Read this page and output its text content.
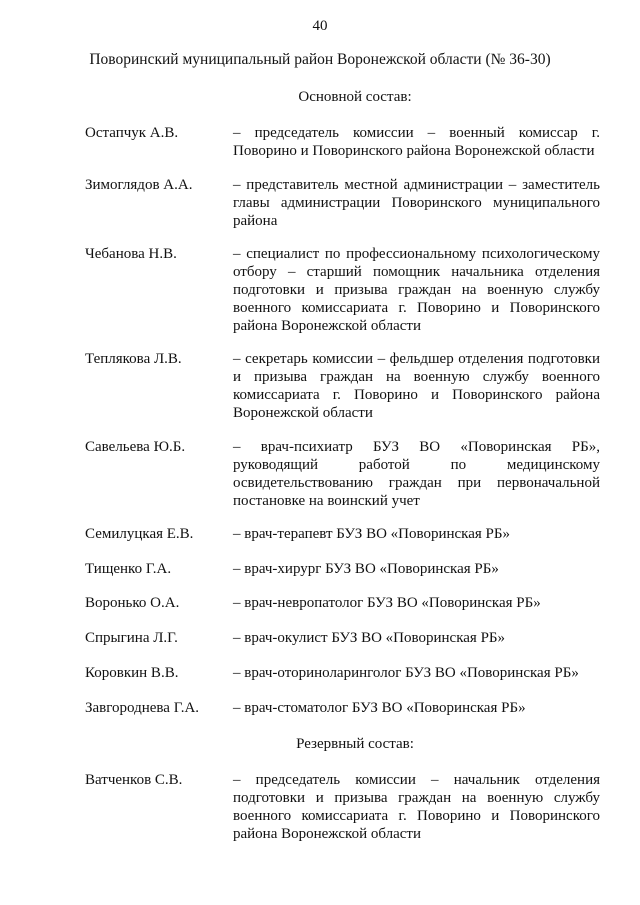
40
Поворинский муниципальный район Воронежской области (№ 36-30)
Основной состав:
Остапчук А.В.	– председатель комиссии – военный комиссар г. Поворино и Поворинского района Воронежской области
Зимоглядов А.А.	– представитель местной администрации – заместитель главы администрации Поворинского муниципального района
Чебанова Н.В.	– специалист по профессиональному психологическому отбору – старший помощник начальника отделения подготовки и призыва граждан на военную службу военного комиссариата г. Поворино и Поворинского района Воронежской области
Теплякова Л.В.	– секретарь комиссии – фельдшер отделения подготовки и призыва граждан на военную службу военного комиссариата г. Поворино и Поворинского района Воронежской области
Савельева Ю.Б.	– врач-психиатр БУЗ ВО «Поворинская РБ», руководящий работой по медицинскому освидетельствованию граждан при первоначальной постановке на воинский учет
Семилуцкая Е.В.	– врач-терапевт БУЗ ВО «Поворинская РБ»
Тищенко Г.А.	– врач-хирург БУЗ ВО «Поворинская РБ»
Воронько О.А.	– врач-невропатолог БУЗ ВО «Поворинская РБ»
Спрыгина Л.Г.	– врач-окулист БУЗ ВО «Поворинская РБ»
Коровкин В.В.	– врач-оториноларинголог БУЗ ВО «Поворинская РБ»
Завгороднева Г.А.	– врач-стоматолог БУЗ ВО «Поворинская РБ»
Резервный состав:
Ватченков С.В.	– председатель комиссии – начальник отделения подготовки и призыва граждан на военную службу военного комиссариата г. Поворино и Поворинского района Воронежской области
